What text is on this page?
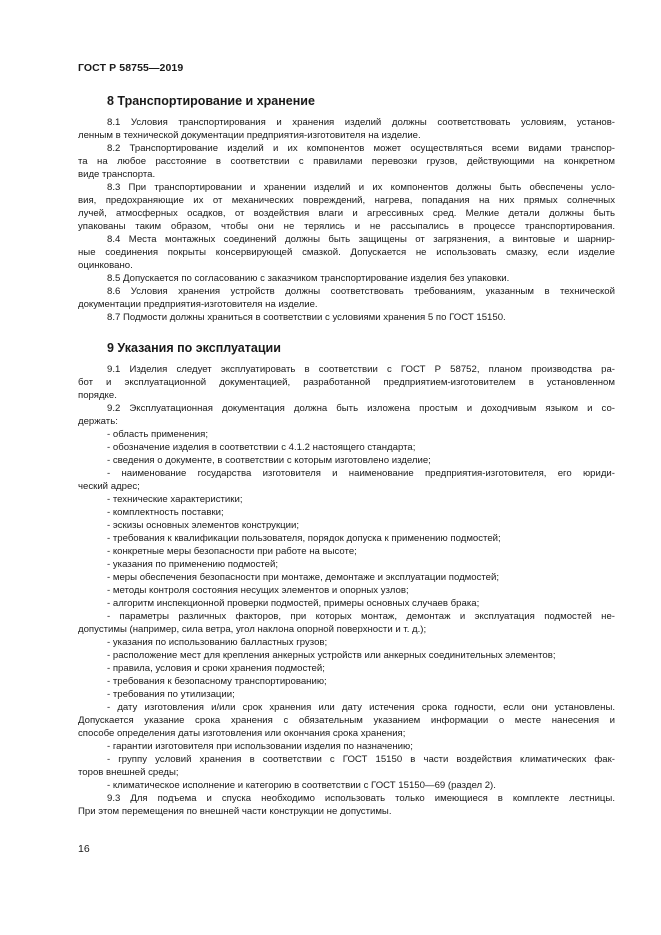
ГОСТ Р 58755—2019
8 Транспортирование и хранение
8.1 Условия транспортирования и хранения изделий должны соответствовать условиям, установ-
ленным в технической документации предприятия-изготовителя на изделие.
8.2 Транспортирование изделий и их компонентов может осуществляться всеми видами транспор-
та на любое расстояние в соответствии с правилами перевозки грузов, действующими на конкретном
виде транспорта.
8.3 При транспортировании и хранении изделий и их компонентов должны быть обеспечены усло-
вия, предохраняющие их от механических повреждений, нагрева, попадания на них прямых солнечных
лучей, атмосферных осадков, от воздействия влаги и агрессивных сред. Мелкие детали должны быть
упакованы таким образом, чтобы они не терялись и не рассыпались в процессе транспортирования.
8.4 Места монтажных соединений должны быть защищены от загрязнения, а винтовые и шарнир-
ные соединения покрыты консервирующей смазкой. Допускается не использовать смазку, если изделие
оцинковано.
8.5 Допускается по согласованию с заказчиком транспортирование изделия без упаковки.
8.6 Условия хранения устройств должны соответствовать требованиям, указанным в технической
документации предприятия-изготовителя на изделие.
8.7 Подмости должны храниться в соответствии с условиями хранения 5 по ГОСТ 15150.
9 Указания по эксплуатации
9.1 Изделия следует эксплуатировать в соответствии с ГОСТ Р 58752, планом производства ра-
бот и эксплуатационной документацией, разработанной предприятием-изготовителем в установленном
порядке.
9.2 Эксплуатационная документация должна быть изложена простым и доходчивым языком и со-
держать:
- область применения;
- обозначение изделия в соответствии с 4.1.2 настоящего стандарта;
- сведения о документе, в соответствии с которым изготовлено изделие;
- наименование государства изготовителя и наименование предприятия-изготовителя, его юриди-
ческий адрес;
- технические характеристики;
- комплектность поставки;
- эскизы основных элементов конструкции;
- требования к квалификации пользователя, порядок допуска к применению подмостей;
- конкретные меры безопасности при работе на высоте;
- указания по применению подмостей;
- меры обеспечения безопасности при монтаже, демонтаже и эксплуатации подмостей;
- методы контроля состояния несущих элементов и опорных узлов;
- алгоритм инспекционной проверки подмостей, примеры основных случаев брака;
- параметры различных факторов, при которых монтаж, демонтаж и эксплуатация подмостей не-
допустимы (например, сила ветра, угол наклона опорной поверхности и т. д.);
- указания по использованию балластных грузов;
- расположение мест для крепления анкерных устройств или анкерных соединительных элементов;
- правила, условия и сроки хранения подмостей;
- требования к безопасному транспортированию;
- требования по утилизации;
- дату изготовления и/или срок хранения или дату истечения срока годности, если они установлены.
Допускается указание срока хранения с обязательным указанием информации о месте нанесения и
способе определения даты изготовления или окончания срока хранения;
- гарантии изготовителя при использовании изделия по назначению;
- группу условий хранения в соответствии с ГОСТ 15150 в части воздействия климатических фак-
торов внешней среды;
- климатическое исполнение и категорию в соответствии с ГОСТ 15150—69 (раздел 2).
9.3 Для подъема и спуска необходимо использовать только имеющиеся в комплекте лестницы.
При этом перемещения по внешней части конструкции не допустимы.
16
